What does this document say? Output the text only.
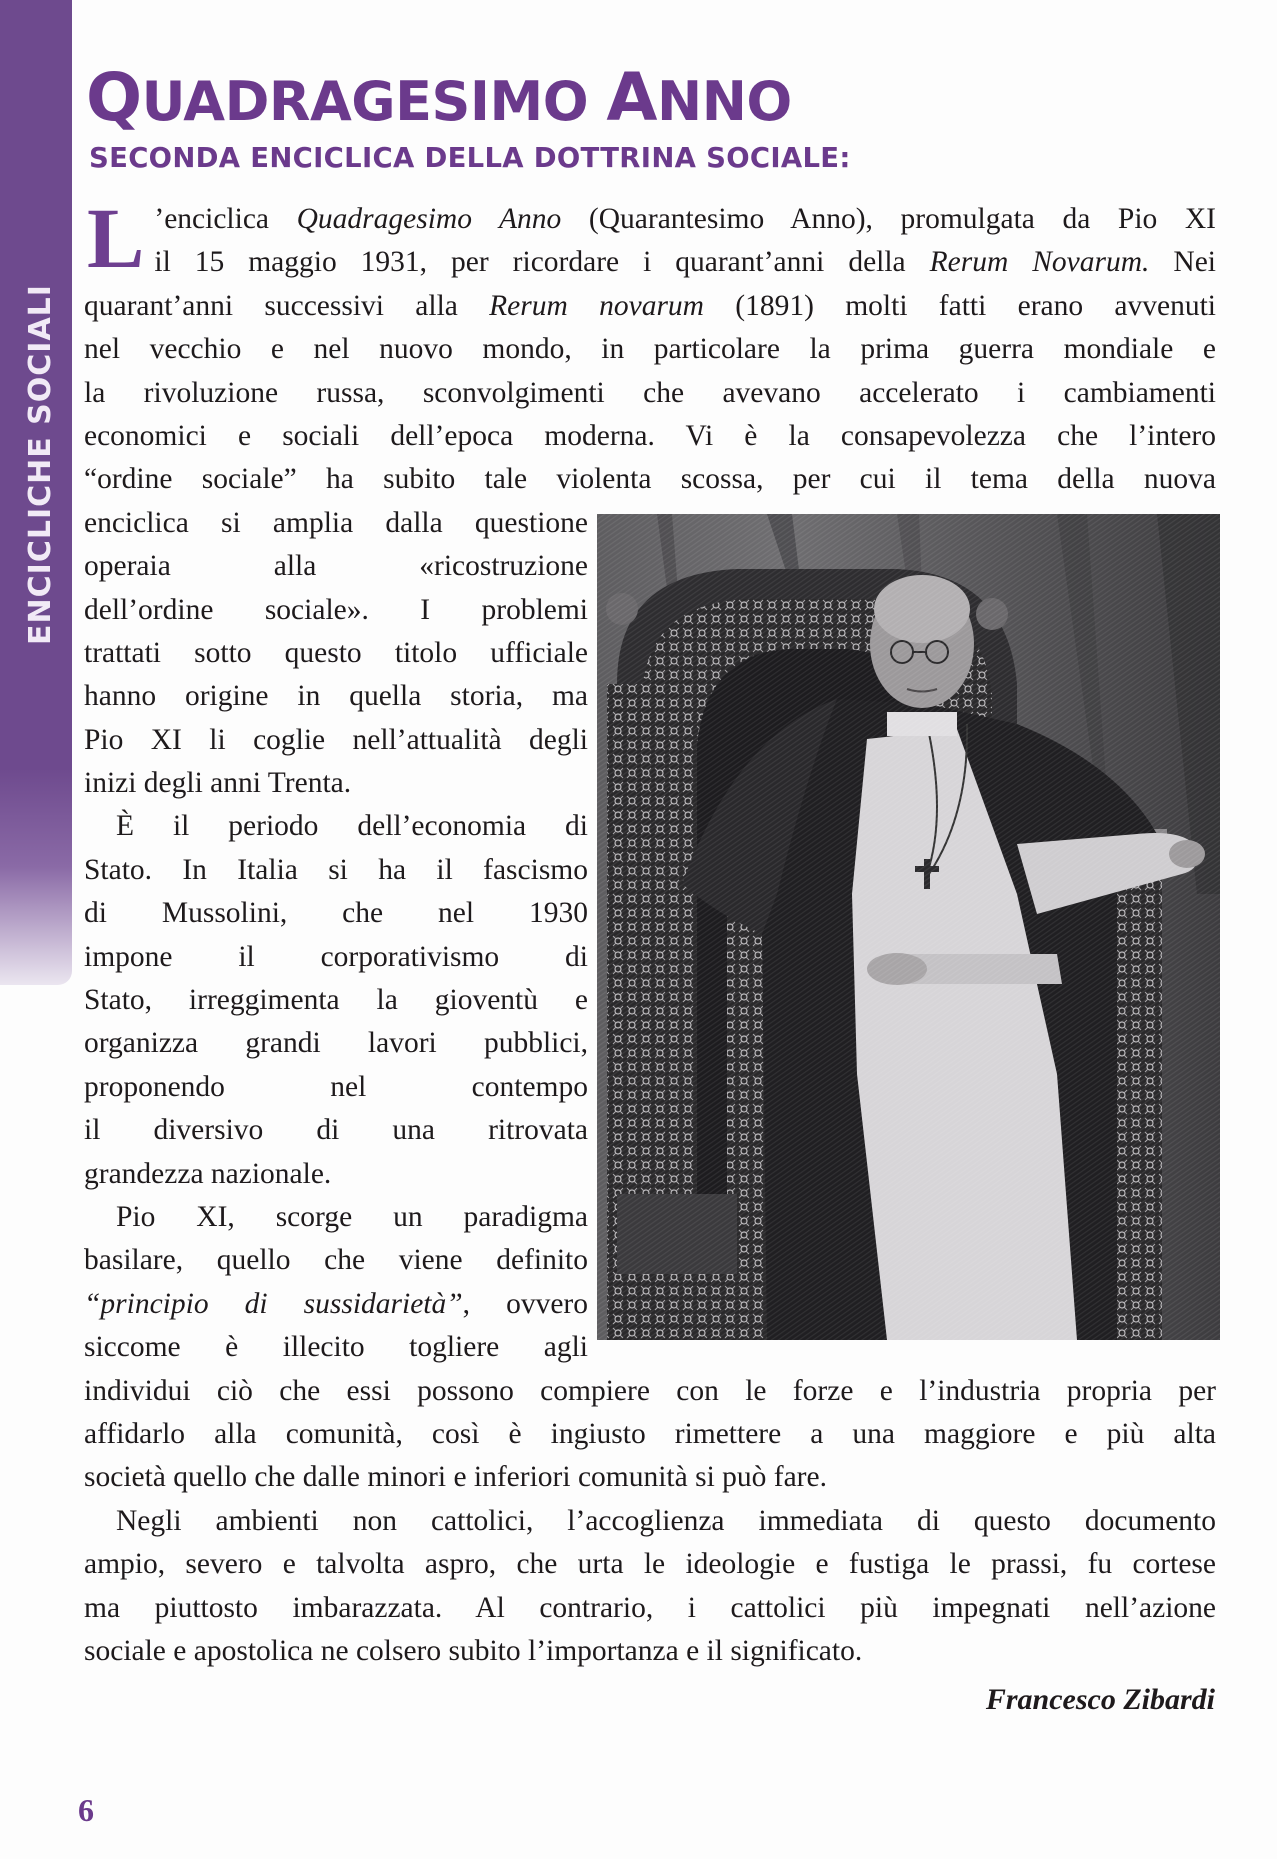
ENCICLICHE SOCIALI
QUADRAGESIMO ANNO
SECONDA ENCICLICA DELLA DOTTRINA SOCIALE:
L ’enciclica Quadragesimo Anno (Quarantesimo Anno), promulgata da Pio XI
il 15 maggio 1931, per ricordare i quarant’anni della Rerum Novarum. Nei
quarant’anni successivi alla Rerum novarum (1891) molti fatti erano avvenuti
nel vecchio e nel nuovo mondo, in particolare la prima guerra mondiale e
la rivoluzione russa, sconvolgimenti che avevano accelerato i cambiamenti
economici e sociali dell’epoca moderna. Vi è la consapevolezza che l’intero
“ordine sociale” ha subito tale violenta scossa, per cui il tema della nuova
enciclica si amplia dalla questione
operaia alla «ricostruzione
dell’ordine sociale». I problemi
trattati sotto questo titolo ufficiale
hanno origine in quella storia, ma
Pio XI li coglie nell’attualità degli
inizi degli anni Trenta.
È il periodo dell’economia di
Stato. In Italia si ha il fascismo
di Mussolini, che nel 1930
impone il corporativismo di
Stato, irreggimenta la gioventù e
organizza grandi lavori pubblici,
proponendo nel contempo
il diversivo di una ritrovata
grandezza nazionale.
Pio XI, scorge un paradigma
basilare, quello che viene definito
“principio di sussidarietà”, ovvero
siccome è illecito togliere agli
individui ciò che essi possono compiere con le forze e l’industria propria per
affidarlo alla comunità, così è ingiusto rimettere a una maggiore e più alta
società quello che dalle minori e inferiori comunità si può fare.
Negli ambienti non cattolici, l’accoglienza immediata di questo documento
ampio, severo e talvolta aspro, che urta le ideologie e fustiga le prassi, fu cortese
ma piuttosto imbarazzata. Al contrario, i cattolici più impegnati nell’azione
sociale e apostolica ne colsero subito l’importanza e il significato.
Francesco Zibardi
6
